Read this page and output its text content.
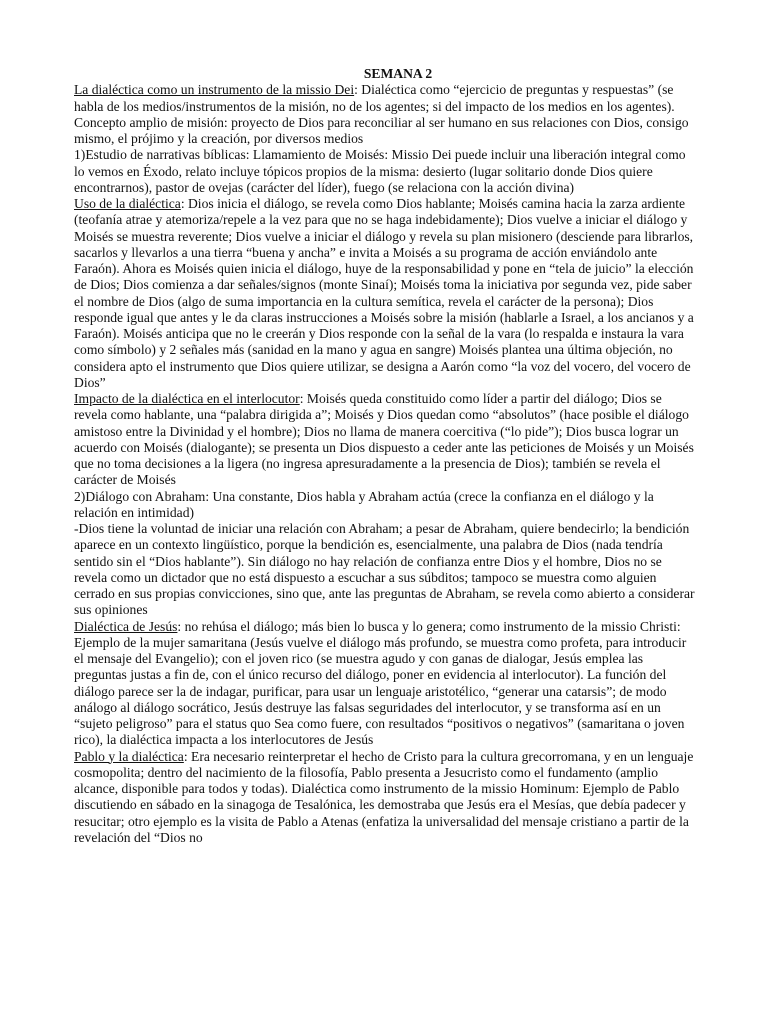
SEMANA 2

La dialéctica como un instrumento de la missio Dei: Dialéctica como “ejercicio de preguntas y respuestas” (se habla de los medios/instrumentos de la misión, no de los agentes; si del impacto de los medios en los agentes). Concepto amplio de misión: proyecto de Dios para reconciliar al ser humano en sus relaciones con Dios, consigo mismo, el prójimo y la creación, por diversos medios

1)Estudio de narrativas bíblicas: Llamamiento de Moisés: Missio Dei puede incluir una liberación integral como lo vemos en Éxodo, relato incluye tópicos propios de la misma: desierto (lugar solitario donde Dios quiere encontrarnos), pastor de ovejas (carácter del líder), fuego (se relaciona con la acción divina)

Uso de la dialéctica: Dios inicia el diálogo, se revela como Dios hablante; Moisés camina hacia la zarza ardiente (teofanía atrae y atemoriza/repele a la vez para que no se haga indebidamente); Dios vuelve a iniciar el diálogo y Moisés se muestra reverente; Dios vuelve a iniciar el diálogo y revela su plan misionero (desciende para librarlos, sacarlos y llevarlos a una tierra “buena y ancha” e invita a Moisés a su programa de acción enviándolo ante Faraón). Ahora es Moisés quien inicia el diálogo, huye de la responsabilidad y pone en “tela de juicio” la elección de Dios; Dios comienza a dar señales/signos (monte Sinaí); Moisés toma la iniciativa por segunda vez, pide saber el nombre de Dios (algo de suma importancia en la cultura semítica, revela el carácter de la persona); Dios responde igual que antes y le da claras instrucciones a Moisés sobre la misión (hablarle a Israel, a los ancianos y a Faraón). Moisés anticipa que no le creerán y Dios responde con la señal de la vara (lo respalda e instaura la vara como símbolo) y 2 señales más (sanidad en la mano y agua en sangre) Moisés plantea una última objeción, no considera apto el instrumento que Dios quiere utilizar, se designa a Aarón como “la voz del vocero, del vocero de Dios”

Impacto de la dialéctica en el interlocutor: Moisés queda constituido como líder a partir del diálogo; Dios se revela como hablante, una “palabra dirigida a”; Moisés y Dios quedan como “absolutos” (hace posible el diálogo amistoso entre la Divinidad y el hombre); Dios no llama de manera coercitiva (“lo pide”); Dios busca lograr un acuerdo con Moisés (dialogante); se presenta un Dios dispuesto a ceder ante las peticiones de Moisés y un Moisés que no toma decisiones a la ligera (no ingresa apresuradamente a la presencia de Dios); también se revela el carácter de Moisés

2)Diálogo con Abraham: Una constante, Dios habla y Abraham actúa (crece la confianza en el diálogo y la relación en intimidad)

-Dios tiene la voluntad de iniciar una relación con Abraham; a pesar de Abraham, quiere bendecirlo; la bendición aparece en un contexto lingüístico, porque la bendición es, esencialmente, una palabra de Dios (nada tendría sentido sin el “Dios hablante”). Sin diálogo no hay relación de confianza entre Dios y el hombre, Dios no se revela como un dictador que no está dispuesto a escuchar a sus súbditos; tampoco se muestra como alguien cerrado en sus propias convicciones, sino que, ante las preguntas de Abraham, se revela como abierto a considerar sus opiniones

Dialéctica de Jesús: no rehúsa el diálogo; más bien lo busca y lo genera; como instrumento de la missio Christi: Ejemplo de la mujer samaritana (Jesús vuelve el diálogo más profundo, se muestra como profeta, para introducir el mensaje del Evangelio); con el joven rico (se muestra agudo y con ganas de dialogar, Jesús emplea las preguntas justas a fin de, con el único recurso del diálogo, poner en evidencia al interlocutor). La función del diálogo parece ser la de indagar, purificar, para usar un lenguaje aristotélico, “generar una catarsis”; de modo análogo al diálogo socrático, Jesús destruye las falsas seguridades del interlocutor, y se transforma así en un “sujeto peligroso” para el status quo Sea como fuere, con resultados “positivos o negativos” (samaritana o joven rico), la dialéctica impacta a los interlocutores de Jesús

Pablo y la dialéctica: Era necesario reinterpretar el hecho de Cristo para la cultura grecorromana, y en un lenguaje cosmopolita; dentro del nacimiento de la filosofía, Pablo presenta a Jesucristo como el fundamento (amplio alcance, disponible para todos y todas). Dialéctica como instrumento de la missio Hominum: Ejemplo de Pablo discutiendo en sábado en la sinagoga de Tesalónica, les demostraba que Jesús era el Mesías, que debía padecer y resucitar; otro ejemplo es la visita de Pablo a Atenas (enfatiza la universalidad del mensaje cristiano a partir de la revelación del “Dios no
